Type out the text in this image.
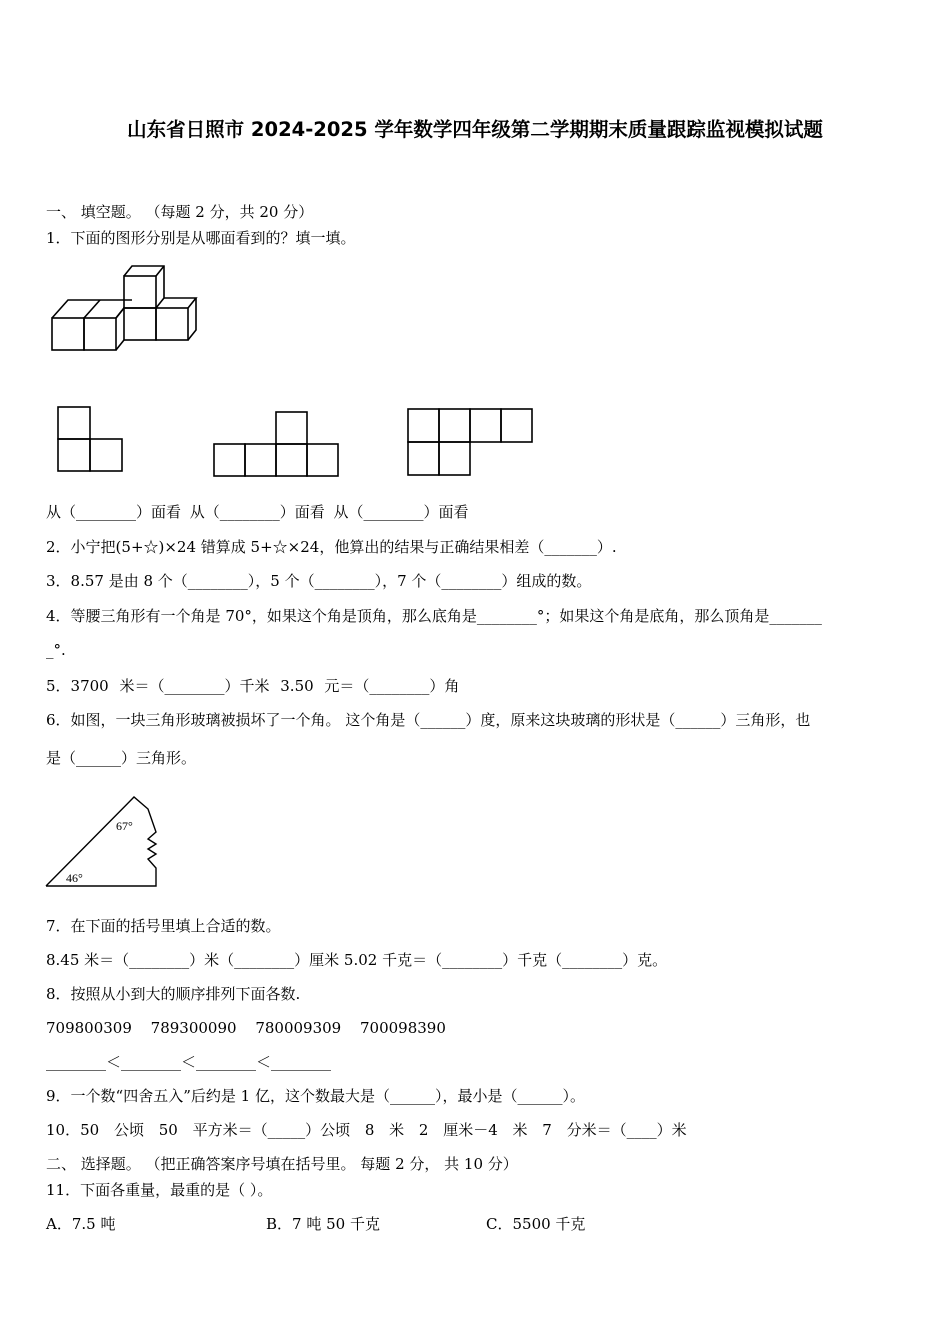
山东省日照市 2024-2025 学年数学四年级第二学期期末质量跟踪监视模拟试题
一、 填空题。 （每题 2 分，共 20 分）
1．下面的图形分别是从哪面看到的？填一填。
从（________）面看 从（________）面看 从（________）面看
2．小宁把(5+☆)×24 错算成 5+☆×24，他算出的结果与正确结果相差（_______）.
3．8.57 是由 8 个（________），5 个（________），7 个（________）组成的数。
4．等腰三角形有一个角是 70°，如果这个角是顶角，那么底角是________°；如果这个角是底角，那么顶角是_______
_°.
5．3700 米＝（________）千米 3.50 元＝（________）角
6．如图，一块三角形玻璃被损坏了一个角。 这个角是（______）度，原来这块玻璃的形状是（______）三角形，也
是（______）三角形。
67°
46°
7．在下面的括号里填上合适的数。
8.45 米＝（________）米（________）厘米 5.02 千克＝（________）千克（________）克。
8．按照从小到大的顺序排列下面各数.
709800309 789300090 780009309 700098390
________＜________＜________＜________
9．一个数“四舍五入”后约是 1 亿，这个数最大是（______），最小是（______）。
10．50 公顷 50 平方米＝（_____）公顷 8 米 2 厘米－4 米 7 分米＝（____）米
二、 选择题。 （把正确答案序号填在括号里。 每题 2 分， 共 10 分）
11．下面各重量，最重的是（ ）。
A．7.5 吨	B．7 吨 50 千克	C．5500 千克
